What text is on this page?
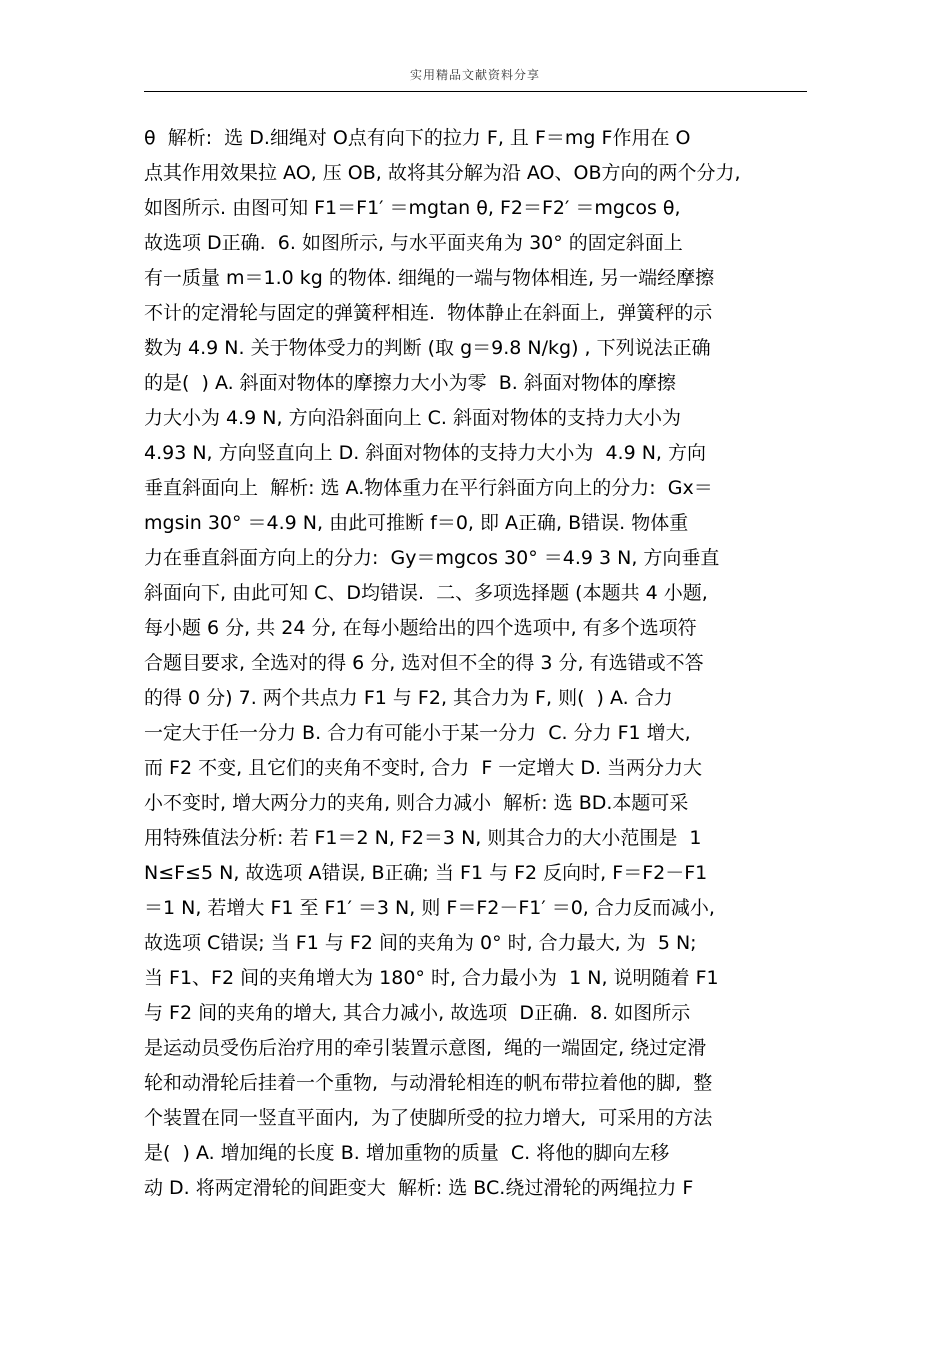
实用精品文献资料分享
θ  解析:  选 D.细绳对 O点有向下的拉力 F, 且 F＝mg F作用在 O
点其作用效果拉 AO, 压 OB, 故将其分解为沿 AO、OB方向的两个分力,
如图所示. 由图可知 F1＝F1′ ＝mgtan θ, F2＝F2′ ＝mgcos θ,
故选项 D正确.  6. 如图所示, 与水平面夹角为 30° 的固定斜面上
有一质量 m＝1.0 kg 的物体. 细绳的一端与物体相连, 另一端经摩擦
不计的定滑轮与固定的弹簧秤相连.  物体静止在斜面上,  弹簧秤的示
数为 4.9 N. 关于物体受力的判断 (取 g＝9.8 N/kg) , 下列说法正确
的是(  ) A. 斜面对物体的摩擦力大小为零  B. 斜面对物体的摩擦
力大小为 4.9 N, 方向沿斜面向上 C. 斜面对物体的支持力大小为
4.93 N, 方向竖直向上 D. 斜面对物体的支持力大小为  4.9 N, 方向
垂直斜面向上  解析: 选 A.物体重力在平行斜面方向上的分力:  Gx＝
mgsin 30° ＝4.9 N, 由此可推断 f＝0, 即 A正确, B错误. 物体重
力在垂直斜面方向上的分力:  Gy＝mgcos 30° ＝4.9 3 N, 方向垂直
斜面向下, 由此可知 C、D均错误.  二、多项选择题 (本题共 4 小题,
每小题 6 分, 共 24 分, 在每小题给出的四个选项中, 有多个选项符
合题目要求, 全选对的得 6 分, 选对但不全的得 3 分, 有选错或不答
的得 0 分) 7. 两个共点力 F1 与 F2, 其合力为 F, 则(  ) A. 合力
一定大于任一分力 B. 合力有可能小于某一分力  C. 分力 F1 增大,
而 F2 不变, 且它们的夹角不变时, 合力  F 一定增大 D. 当两分力大
小不变时, 增大两分力的夹角, 则合力减小  解析: 选 BD.本题可采
用特殊值法分析: 若 F1＝2 N, F2＝3 N, 则其合力的大小范围是  1
N≤F≤5 N, 故选项 A错误, B正确; 当 F1 与 F2 反向时, F＝F2－F1
＝1 N, 若增大 F1 至 F1′ ＝3 N, 则 F＝F2－F1′ ＝0, 合力反而减小,
故选项 C错误; 当 F1 与 F2 间的夹角为 0° 时, 合力最大, 为  5 N;
当 F1、F2 间的夹角增大为 180° 时, 合力最小为  1 N, 说明随着 F1
与 F2 间的夹角的增大, 其合力减小, 故选项  D正确.  8. 如图所示
是运动员受伤后治疗用的牵引装置示意图,  绳的一端固定, 绕过定滑
轮和动滑轮后挂着一个重物,  与动滑轮相连的帆布带拉着他的脚,  整
个装置在同一竖直平面内,  为了使脚所受的拉力增大,  可采用的方法
是(  ) A. 增加绳的长度 B. 增加重物的质量  C. 将他的脚向左移
动 D. 将两定滑轮的间距变大  解析: 选 BC.绕过滑轮的两绳拉力 F
